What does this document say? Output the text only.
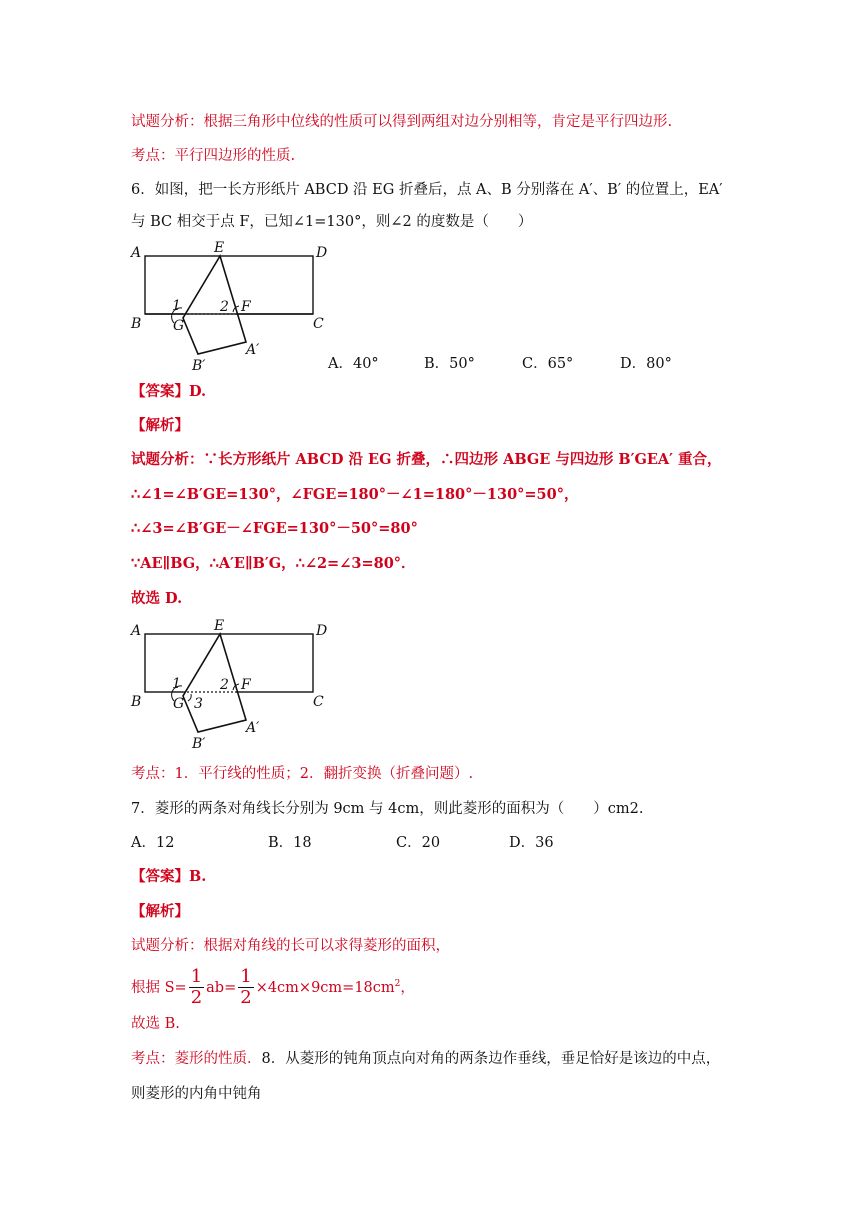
试题分析：根据三角形中位线的性质可以得到两组对边分别相等，肯定是平行四边形.
考点：平行四边形的性质.
6．如图，把一长方形纸片 ABCD 沿 EG 折叠后，点 A、B 分别落在 A′、B′ 的位置上，EA′
与 BC 相交于点 F，已知∠1=130°，则∠2 的度数是（　　）
A	E	D
B G
F
C
B′
A′
1	2
A．40°	B．50°	C．65°	D．80°
【答案】D.
【解析】
试题分析：∵长方形纸片 ABCD 沿 EG 折叠，∴四边形 ABGE 与四边形 B′GEA′ 重合，
∴∠1=∠B′GE=130°，∠FGE=180°－∠1=180°－130°=50°，
∴∠3=∠B′GE－∠FGE=130°－50°=80°
∵AE∥BG，∴A′E∥B′G，∴∠2=∠3=80°．
故选 D.
A	E	D
B G
F
C
B′
A′
1	2
3
考点：1．平行线的性质；2．翻折变换（折叠问题）.
7．菱形的两条对角线长分别为 9cm 与 4cm，则此菱形的面积为（　　）cm2.
A．12	B．18	C．20	D．36
【答案】B.
【解析】
试题分析：根据对角线的长可以求得菱形的面积，
根据 $S= \frac{1}{2} ab= \frac{1}{2} \times 4cm\times 9cm=18cm^2$，
故选 B.
考点：菱形的性质．8．从菱形的钝角顶点向对角的两条边作垂线，垂足恰好是该边的中点，
则菱形的内角中钝角
